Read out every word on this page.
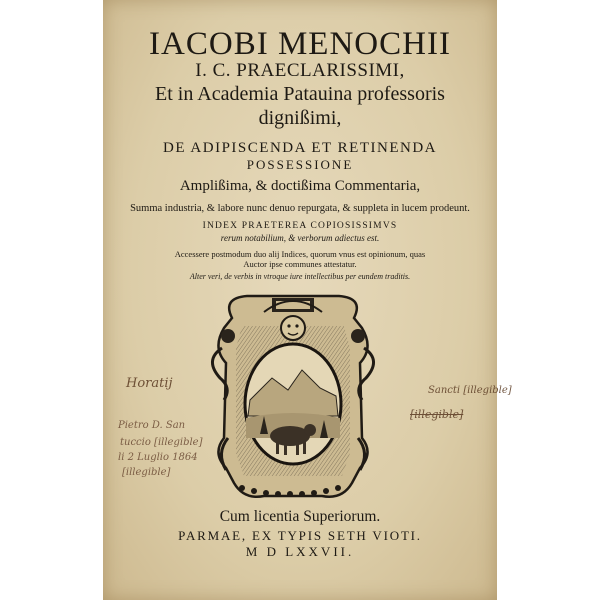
IACOBI MENOCHII
I. C. PRAECLARISSIMI,
Et in Academia Patauina professoris
dignißimi,
DE ADIPISCENDA ET RETINENDA
POSSESSIONE
Amplißima, & doctißima Commentaria,
Summa industria, & labore nunc denuo repurgata, & suppleta in lucem prodeunt.
INDEX PRAETEREA COPIOSISSIMVS
rerum notabilium, & verborum adiectus est.
Accessere postmodum duo alij Indices, quorum vnus est opinionum, quas
Auctor ipse communes attestatur.
Alter veri, de verbis in vtroque iure intellectibus per eundem traditis.
Cum licentia Superiorum.
PARMAE, EX TYPIS SETH VIOTI.
M D LXXVII.
Horatij
Pietro D. San
tuccio [illegible]
li 2 Luglio 1864
[illegible]
Sancti [illegible]
[illegible]
